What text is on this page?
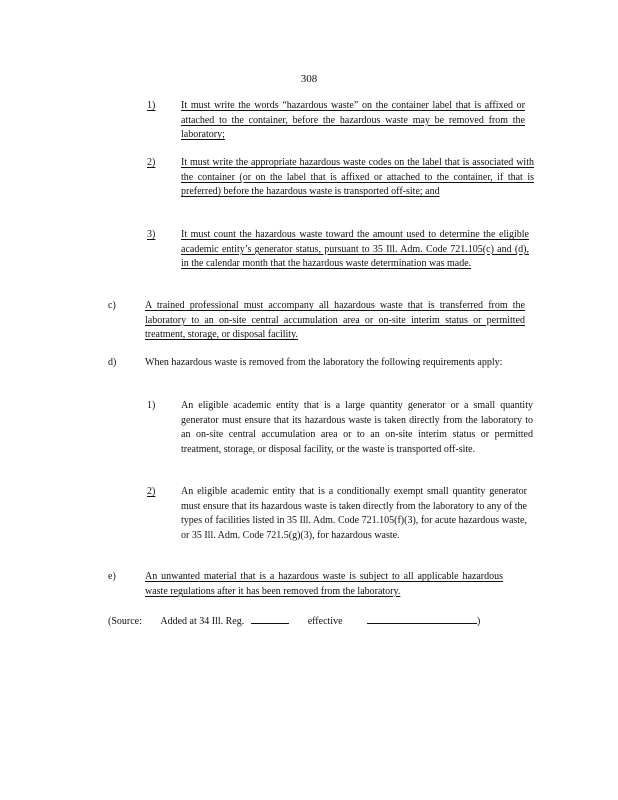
308
1)	It must write the words “hazardous waste” on the container label that is affixed or attached to the container, before the hazardous waste may be removed from the laboratory;
2)	It must write the appropriate hazardous waste codes on the label that is associated with the container (or on the label that is affixed or attached to the container, if that is preferred) before the hazardous waste is transported off-site; and
3)	It must count the hazardous waste toward the amount used to determine the eligible academic entity’s generator status, pursuant to 35 Ill. Adm. Code 721.105(c) and (d), in the calendar month that the hazardous waste determination was made.
c)	A trained professional must accompany all hazardous waste that is transferred from the laboratory to an on-site central accumulation area or on-site interim status or permitted treatment, storage, or disposal facility.
d)	When hazardous waste is removed from the laboratory the following requirements apply:
1)	An eligible academic entity that is a large quantity generator or a small quantity generator must ensure that its hazardous waste is taken directly from the laboratory to an on-site central accumulation area or to an on-site interim status or permitted treatment, storage, or disposal facility, or the waste is transported off-site.
2)	An eligible academic entity that is a conditionally exempt small quantity generator must ensure that its hazardous waste is taken directly from the laboratory to any of the types of facilities listed in 35 Ill. Adm. Code 721.105(f)(3), for acute hazardous waste, or 35 Ill. Adm. Code 721.5(g)(3), for hazardous waste.
e)	An unwanted material that is a hazardous waste is subject to all applicable hazardous waste regulations after it has been removed from the laboratory.
(Source: Added at 34 Ill. Reg.	effective	)
